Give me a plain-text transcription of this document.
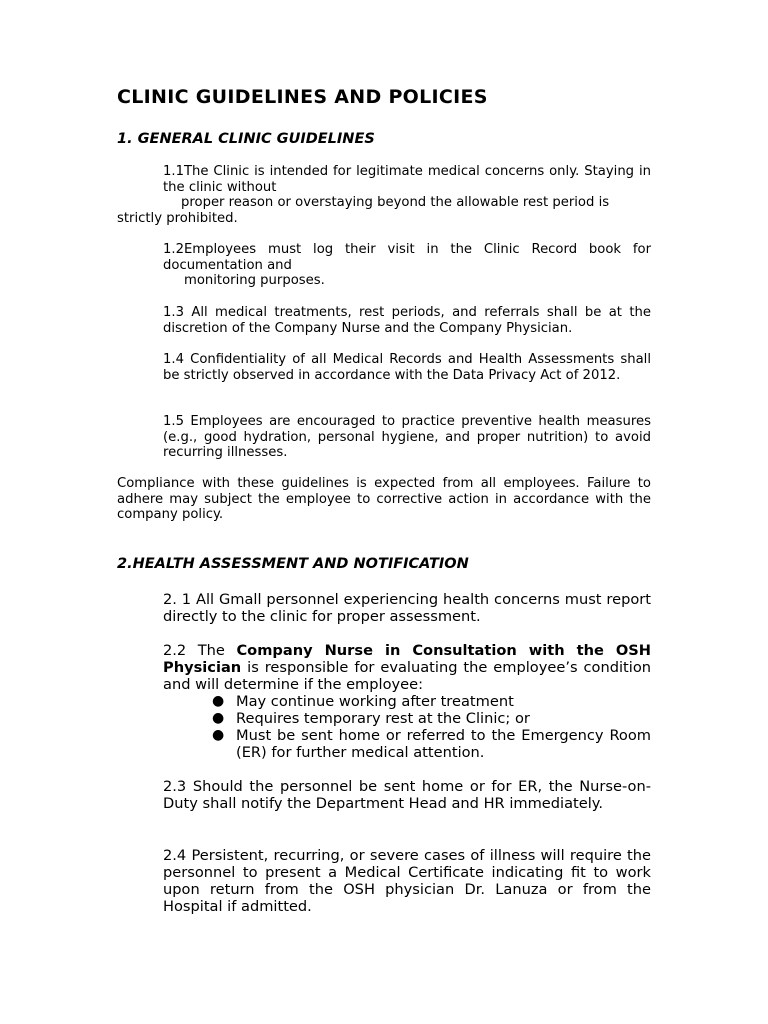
CLINIC GUIDELINES AND POLICIES
1. GENERAL CLINIC GUIDELINES
1.1The Clinic is intended for legitimate medical concerns only. Staying in the clinic without
proper reason or overstaying beyond the allowable rest period is
strictly prohibited.
1.2Employees must log their visit in the Clinic Record book for documentation and
monitoring purposes.

1.3 All medical treatments, rest periods, and referrals shall be at the discretion of the Company Nurse and the Company Physician.

1.4 Confidentiality of all Medical Records and Health Assessments shall be strictly observed in accordance with the Data Privacy Act of 2012.

1.5 Employees are encouraged to practice preventive health measures (e.g., good hydration, personal hygiene, and proper nutrition) to avoid recurring illnesses.

Compliance with these guidelines is expected from all employees. Failure to adhere may subject the employee to corrective action in accordance with the company policy.

2.HEALTH ASSESSMENT AND NOTIFICATION

2. 1 All Gmall personnel experiencing health concerns must report directly to the clinic for proper assessment.

2.2 The Company Nurse in Consultation with the OSH Physician is responsible for evaluating the employee’s condition and will determine if the employee:

● May continue working after treatment
● Requires temporary rest at the Clinic; or
● Must be sent home or referred to the Emergency Room (ER) for further medical attention.

2.3 Should the personnel be sent home or for ER, the Nurse-on-Duty shall notify the Department Head and HR immediately.

2.4 Persistent, recurring, or severe cases of illness will require the personnel to present a Medical Certificate indicating fit to work upon return from the OSH physician Dr. Lanuza or from the Hospital if admitted.
